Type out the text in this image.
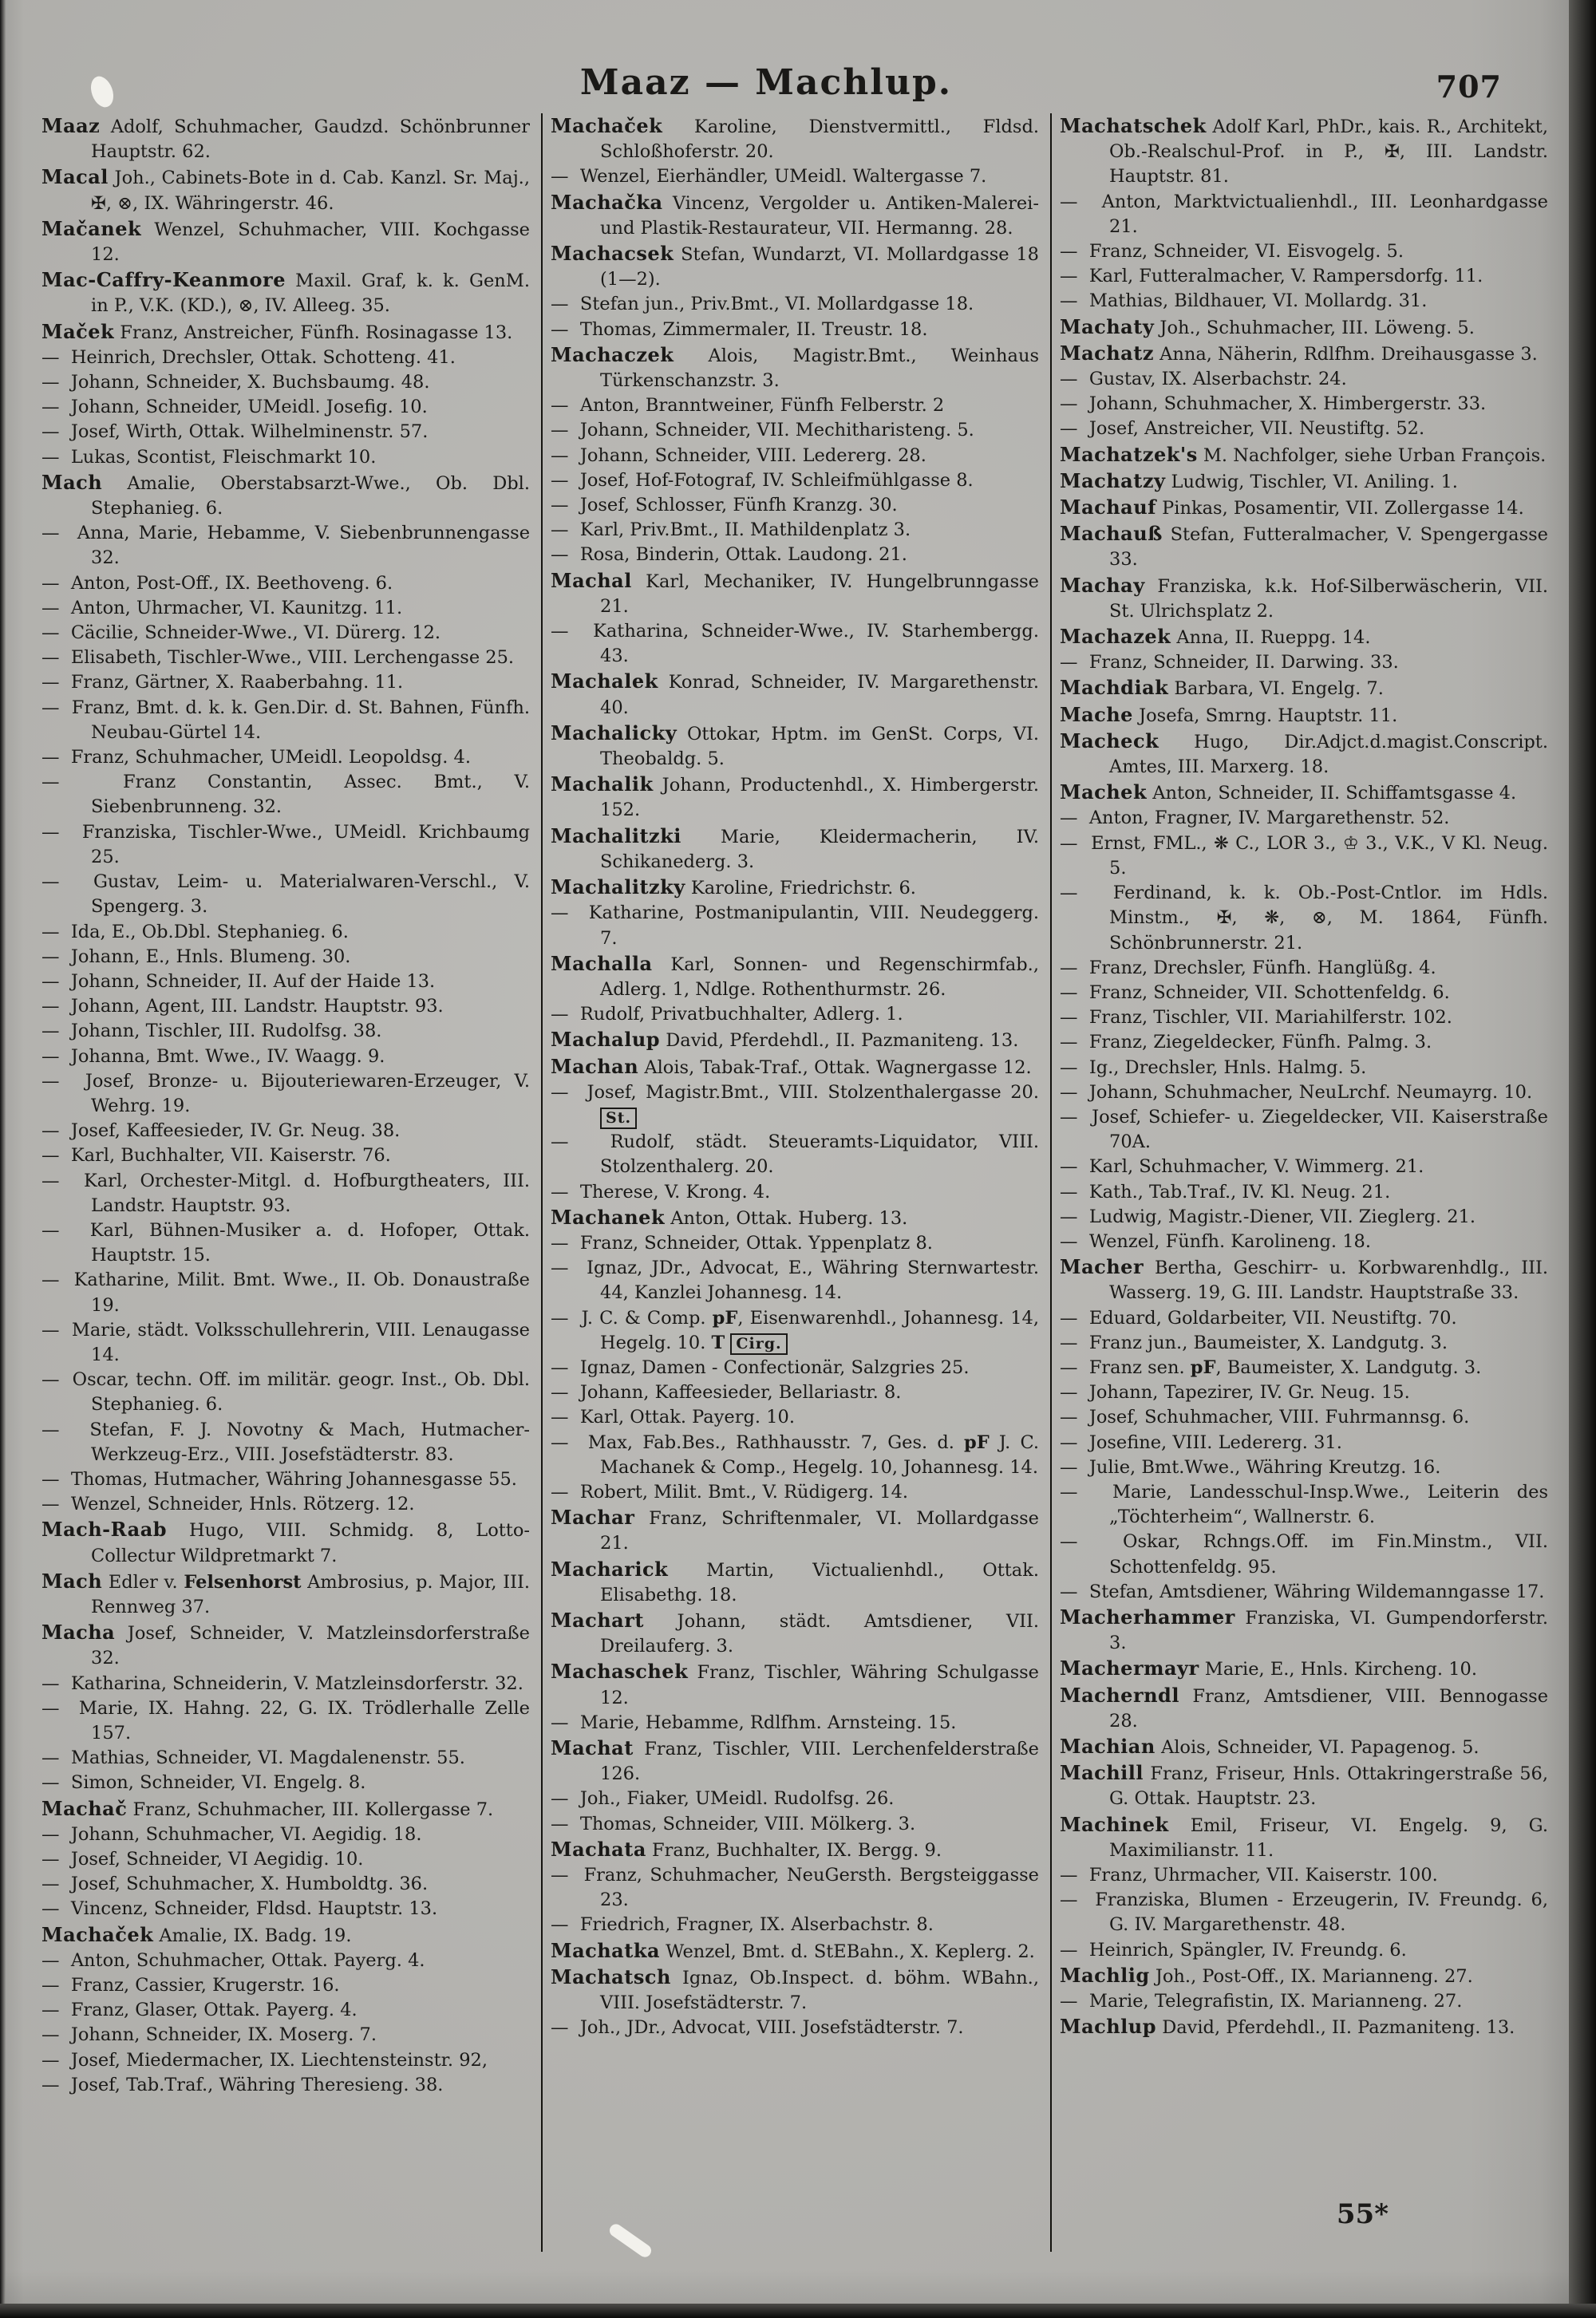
Maaz — Machlup.	707
Maaz Adolf, Schuhmacher, Gaudzd. Schönbrunner Hauptstr. 62.
Macal Joh., Cabinets-Bote in d. Cab. Kanzl. Sr. Maj., ✠, ⊗, IX. Währingerstr. 46.
Mačanek Wenzel, Schuhmacher, VIII. Kochgasse 12.
Mac-Caffry-Keanmore Maxil. Graf, k. k. GenM. in P., V.K. (KD.), ⊗, IV. Alleeg. 35.
Maček Franz, Anstreicher, Fünfh. Rosinagasse 13.
—  Heinrich, Drechsler, Ottak. Schotteng. 41.
—  Johann, Schneider, X. Buchsbaumg. 48.
—  Johann, Schneider, UMeidl. Josefig. 10.
—  Josef, Wirth, Ottak. Wilhelminenstr. 57.
—  Lukas, Scontist, Fleischmarkt 10.
Mach Amalie, Oberstabsarzt-Wwe., Ob. Dbl. Stephanieg. 6.
—  Anna, Marie, Hebamme, V. Siebenbrunnengasse 32.
—  Anton, Post-Off., IX. Beethoveng. 6.
—  Anton, Uhrmacher, VI. Kaunitzg. 11.
—  Cäcilie, Schneider-Wwe., VI. Dürerg. 12.
—  Elisabeth, Tischler-Wwe., VIII. Lerchengasse 25.
—  Franz, Gärtner, X. Raaberbahng. 11.
—  Franz, Bmt. d. k. k. Gen.Dir. d. St. Bahnen, Fünfh. Neubau-Gürtel 14.
—  Franz, Schuhmacher, UMeidl. Leopoldsg. 4.
—  Franz Constantin, Assec. Bmt., V. Siebenbrunneng. 32.
—  Franziska, Tischler-Wwe., UMeidl. Krichbaumg 25.
—  Gustav, Leim- u. Materialwaren-Verschl., V. Spengerg. 3.
—  Ida, E., Ob.Dbl. Stephanieg. 6.
—  Johann, E., Hnls. Blumeng. 30.
—  Johann, Schneider, II. Auf der Haide 13.
—  Johann, Agent, III. Landstr. Hauptstr. 93.
—  Johann, Tischler, III. Rudolfsg. 38.
—  Johanna, Bmt. Wwe., IV. Waagg. 9.
—  Josef, Bronze- u. Bijouteriewaren-Erzeuger, V. Wehrg. 19.
—  Josef, Kaffeesieder, IV. Gr. Neug. 38.
—  Karl, Buchhalter, VII. Kaiserstr. 76.
—  Karl, Orchester-Mitgl. d. Hofburgtheaters, III. Landstr. Hauptstr. 93.
—  Karl, Bühnen-Musiker a. d. Hofoper, Ottak. Hauptstr. 15.
—  Katharine, Milit. Bmt. Wwe., II. Ob. Donaustraße 19.
—  Marie, städt. Volksschullehrerin, VIII. Lenaugasse 14.
—  Oscar, techn. Off. im militär. geogr. Inst., Ob. Dbl. Stephanieg. 6.
—  Stefan, F. J. Novotny & Mach, Hutmacher-Werkzeug-Erz., VIII. Josefstädterstr. 83.
—  Thomas, Hutmacher, Währing Johannesgasse 55.
—  Wenzel, Schneider, Hnls. Rötzerg. 12.
Mach-Raab Hugo, VIII. Schmidg. 8, Lotto-Collectur Wildpretmarkt 7.
Mach Edler v. Felsenhorst Ambrosius, p. Major, III. Rennweg 37.
Macha Josef, Schneider, V. Matzleinsdorferstraße 32.
—  Katharina, Schneiderin, V. Matzleinsdorferstr. 32.
—  Marie, IX. Hahng. 22, G. IX. Trödlerhalle Zelle 157.
—  Mathias, Schneider, VI. Magdalenenstr. 55.
—  Simon, Schneider, VI. Engelg. 8.
Machač Franz, Schuhmacher, III. Kollergasse 7.
—  Johann, Schuhmacher, VI. Aegidig. 18.
—  Josef, Schneider, VI Aegidig. 10.
—  Josef, Schuhmacher, X. Humboldtg. 36.
—  Vincenz, Schneider, Fldsd. Hauptstr. 13.
Machaček Amalie, IX. Badg. 19.
—  Anton, Schuhmacher, Ottak. Payerg. 4.
—  Franz, Cassier, Krugerstr. 16.
—  Franz, Glaser, Ottak. Payerg. 4.
—  Johann, Schneider, IX. Moserg. 7.
—  Josef, Miedermacher, IX. Liechtensteinstr. 92,
—  Josef, Tab.Traf., Währing Theresieng. 38.
Machaček Karoline, Dienstvermittl., Fldsd. Schloßhoferstr. 20.
—  Wenzel, Eierhändler, UMeidl. Waltergasse 7.
Machačka Vincenz, Vergolder u. Antiken-Malerei- und Plastik-Restaurateur, VII. Hermanng. 28.
Machacsek Stefan, Wundarzt, VI. Mollardgasse 18 (1—2).
—  Stefan jun., Priv.Bmt., VI. Mollardgasse 18.
—  Thomas, Zimmermaler, II. Treustr. 18.
Machaczek Alois, Magistr.Bmt., Weinhaus Türkenschanzstr. 3.
—  Anton, Branntweiner, Fünfh Felberstr. 2
—  Johann, Schneider, VII. Mechitharisteng. 5.
—  Johann, Schneider, VIII. Ledererg. 28.
—  Josef, Hof-Fotograf, IV. Schleifmühlgasse 8.
—  Josef, Schlosser, Fünfh Kranzg. 30.
—  Karl, Priv.Bmt., II. Mathildenplatz 3.
—  Rosa, Binderin, Ottak. Laudong. 21.
Machal Karl, Mechaniker, IV. Hungelbrunngasse 21.
—  Katharina, Schneider-Wwe., IV. Starhembergg. 43.
Machalek Konrad, Schneider, IV. Margarethenstr. 40.
Machalicky Ottokar, Hptm. im GenSt. Corps, VI. Theobaldg. 5.
Machalik Johann, Productenhdl., X. Himbergerstr. 152.
Machalitzki Marie, Kleidermacherin, IV. Schikanederg. 3.
Machalitzky Karoline, Friedrichstr. 6.
—  Katharine, Postmanipulantin, VIII. Neudeggerg. 7.
Machalla Karl, Sonnen- und Regenschirmfab., Adlerg. 1, Ndlge. Rothenthurmstr. 26.
—  Rudolf, Privatbuchhalter, Adlerg. 1.
Machalup David, Pferdehdl., II. Pazmaniteng. 13.
Machan Alois, Tabak-Traf., Ottak. Wagnergasse 12.
—  Josef, Magistr.Bmt., VIII. Stolzenthalergasse 20. St.
—  Rudolf, städt. Steueramts-Liquidator, VIII. Stolzenthalerg. 20.
—  Therese, V. Krong. 4.
Machanek Anton, Ottak. Huberg. 13.
—  Franz, Schneider, Ottak. Yppenplatz 8.
—  Ignaz, JDr., Advocat, E., Währing Sternwartestr. 44, Kanzlei Johannesg. 14.
—  J. C. & Comp. pF, Eisenwarenhdl., Johannesg. 14, Hegelg. 10. T Cirg.
—  Ignaz, Damen - Confectionär, Salzgries 25.
—  Johann, Kaffeesieder, Bellariastr. 8.
—  Karl, Ottak. Payerg. 10.
—  Max, Fab.Bes., Rathhausstr. 7, Ges. d. pF J. C. Machanek & Comp., Hegelg. 10, Johannesg. 14.
—  Robert, Milit. Bmt., V. Rüdigerg. 14.
Machar Franz, Schriftenmaler, VI. Mollardgasse 21.
Macharick Martin, Victualienhdl., Ottak. Elisabethg. 18.
Machart Johann, städt. Amtsdiener, VII. Dreilauferg. 3.
Machaschek Franz, Tischler, Währing Schulgasse 12.
—  Marie, Hebamme, Rdlfhm. Arnsteing. 15.
Machat Franz, Tischler, VIII. Lerchenfelderstraße 126.
—  Joh., Fiaker, UMeidl. Rudolfsg. 26.
—  Thomas, Schneider, VIII. Mölkerg. 3.
Machata Franz, Buchhalter, IX. Bergg. 9.
—  Franz, Schuhmacher, NeuGersth. Bergsteiggasse 23.
—  Friedrich, Fragner, IX. Alserbachstr. 8.
Machatka Wenzel, Bmt. d. StEBahn., X. Keplerg. 2.
Machatsch Ignaz, Ob.Inspect. d. böhm. WBahn., VIII. Josefstädterstr. 7.
—  Joh., JDr., Advocat, VIII. Josefstädterstr. 7.
Machatschek Adolf Karl, PhDr., kais. R., Architekt, Ob.-Realschul-Prof. in P., ✠, III. Landstr. Hauptstr. 81.
—  Anton, Marktvictualienhdl., III. Leonhardgasse 21.
—  Franz, Schneider, VI. Eisvogelg. 5.
—  Karl, Futteralmacher, V. Rampersdorfg. 11.
—  Mathias, Bildhauer, VI. Mollardg. 31.
Machaty Joh., Schuhmacher, III. Löweng. 5.
Machatz Anna, Näherin, Rdlfhm. Dreihausgasse 3.
—  Gustav, IX. Alserbachstr. 24.
—  Johann, Schuhmacher, X. Himbergerstr. 33.
—  Josef, Anstreicher, VII. Neustiftg. 52.
Machatzek's M. Nachfolger, siehe Urban François.
Machatzy Ludwig, Tischler, VI. Aniling. 1.
Machauf Pinkas, Posamentir, VII. Zollergasse 14.
Machauß Stefan, Futteralmacher, V. Spengergasse 33.
Machay Franziska, k.k. Hof-Silberwäscherin, VII. St. Ulrichsplatz 2.
Machazek Anna, II. Rueppg. 14.
—  Franz, Schneider, II. Darwing. 33.
Machdiak Barbara, VI. Engelg. 7.
Mache Josefa, Smrng. Hauptstr. 11.
Macheck Hugo, Dir.Adjct.d.magist.Conscript. Amtes, III. Marxerg. 18.
Machek Anton, Schneider, II. Schiffamtsgasse 4.
—  Anton, Fragner, IV. Margarethenstr. 52.
—  Ernst, FML., ❋ C., LOR 3., ♔ 3., V.K., V Kl. Neug. 5.
—  Ferdinand, k. k. Ob.-Post-Cntlor. im Hdls. Minstm., ✠, ❋, ⊗, M. 1864, Fünfh. Schönbrunnerstr. 21.
—  Franz, Drechsler, Fünfh. Hanglüßg. 4.
—  Franz, Schneider, VII. Schottenfeldg. 6.
—  Franz, Tischler, VII. Mariahilferstr. 102.
—  Franz, Ziegeldecker, Fünfh. Palmg. 3.
—  Ig., Drechsler, Hnls. Halmg. 5.
—  Johann, Schuhmacher, NeuLrchf. Neumayrg. 10.
—  Josef, Schiefer- u. Ziegeldecker, VII. Kaiserstraße 70A.
—  Karl, Schuhmacher, V. Wimmerg. 21.
—  Kath., Tab.Traf., IV. Kl. Neug. 21.
—  Ludwig, Magistr.-Diener, VII. Zieglerg. 21.
—  Wenzel, Fünfh. Karolineng. 18.
Macher Bertha, Geschirr- u. Korbwarenhdlg., III. Wasserg. 19, G. III. Landstr. Hauptstraße 33.
—  Eduard, Goldarbeiter, VII. Neustiftg. 70.
—  Franz jun., Baumeister, X. Landgutg. 3.
—  Franz sen. pF, Baumeister, X. Landgutg. 3.
—  Johann, Tapezirer, IV. Gr. Neug. 15.
—  Josef, Schuhmacher, VIII. Fuhrmannsg. 6.
—  Josefine, VIII. Ledererg. 31.
—  Julie, Bmt.Wwe., Währing Kreutzg. 16.
—  Marie, Landesschul-Insp.Wwe., Leiterin des „Töchterheim“, Wallnerstr. 6.
—  Oskar, Rchngs.Off. im Fin.Minstm., VII. Schottenfeldg. 95.
—  Stefan, Amtsdiener, Währing Wildemanngasse 17.
Macherhammer Franziska, VI. Gumpendorferstr. 3.
Machermayr Marie, E., Hnls. Kircheng. 10.
Macherndl Franz, Amtsdiener, VIII. Bennogasse 28.
Machian Alois, Schneider, VI. Papagenog. 5.
Machill Franz, Friseur, Hnls. Ottakringerstraße 56, G. Ottak. Hauptstr. 23.
Machinek Emil, Friseur, VI. Engelg. 9, G. Maximilianstr. 11.
—  Franz, Uhrmacher, VII. Kaiserstr. 100.
—  Franziska, Blumen - Erzeugerin, IV. Freundg. 6, G. IV. Margarethenstr. 48.
—  Heinrich, Spängler, IV. Freundg. 6.
Machlig Joh., Post-Off., IX. Marianneng. 27.
—  Marie, Telegrafistin, IX. Marianneng. 27.
Machlup David, Pferdehdl., II. Pazmaniteng. 13.
55*
